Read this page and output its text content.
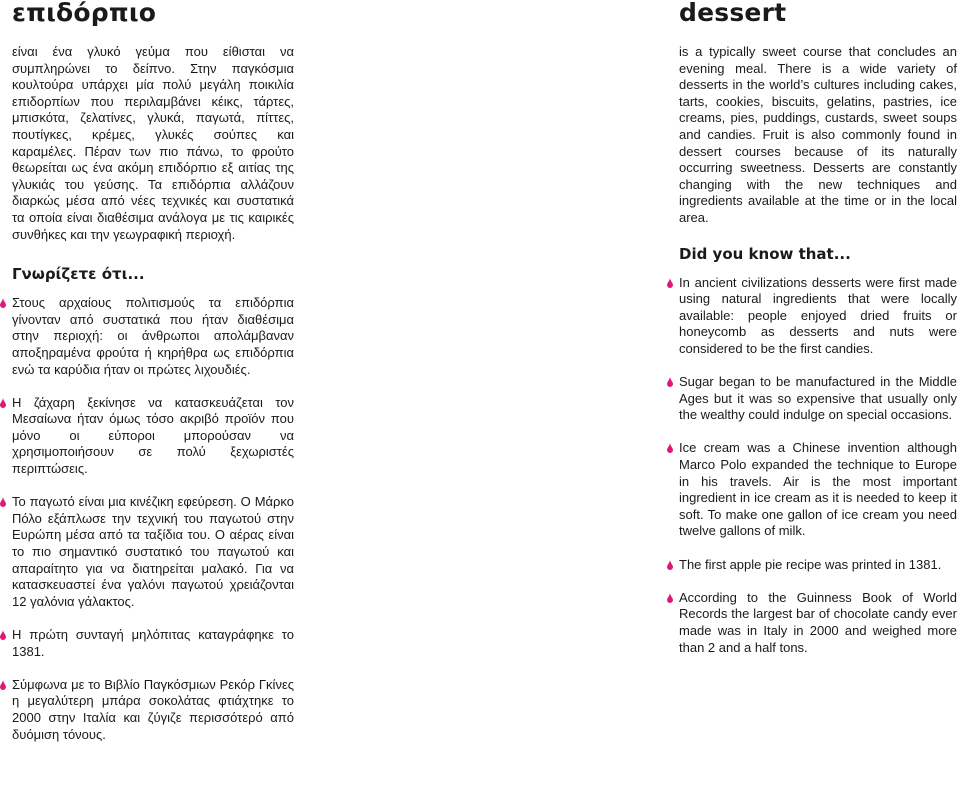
επιδόρπιο

είναι ένα γλυκό γεύμα που είθισται να συμπληρώνει το δείπνο. Στην παγκόσμια κουλτούρα υπάρχει μία πολύ μεγάλη ποικιλία επιδορπίων που περιλαμβάνει κέικς, τάρτες, μπισκότα, ζελατίνες, γλυκά, παγωτά, πίττες, πουτίγκες, κρέμες, γλυκές σούπες και καραμέλες. Πέραν των πιο πάνω, το φρούτο θεωρείται ως ένα ακόμη επιδόρπιο εξ αιτίας της γλυκιάς του γεύσης. Τα επιδόρπια αλλάζουν διαρκώς μέσα από νέες τεχνικές και συστατικά τα οποία είναι διαθέσιμα ανάλογα με τις καιρικές συνθήκες και την γεωγραφική περιοχή.

Γνωρίζετε ότι...
Στους αρχαίους πολιτισμούς τα επιδόρπια γίνονταν από συστατικά που ήταν διαθέσιμα στην περιοχή: οι άνθρωποι απολάμβαναν αποξηραμένα φρούτα ή κηρήθρα ως επιδόρπια ενώ τα καρύδια ήταν οι πρώτες λιχουδιές.
Η ζάχαρη ξεκίνησε να κατασκευάζεται τον Μεσαίωνα ήταν όμως τόσο ακριβό προϊόν που μόνο οι εύποροι μπορούσαν να χρησιμοποιήσουν σε πολύ ξεχωριστές περιπτώσεις.
Το παγωτό είναι μια κινέζικη εφεύρεση. Ο Μάρκο Πόλο εξάπλωσε την τεχνική του παγωτού στην Ευρώπη μέσα από τα ταξίδια του. Ο αέρας είναι το πιο σημαντικό συστατικό του παγωτού και απαραίτητο για να διατηρείται μαλακό. Για να κατασκευαστεί ένα γαλόνι παγωτού χρειάζονται 12 γαλόνια γάλακτος.
Η πρώτη συνταγή μηλόπιτας καταγράφηκε το 1381.
Σύμφωνα με το Βιβλίο Παγκόσμιων Ρεκόρ Γκίνες η μεγαλύτερη μπάρα σοκολάτας φτιάχτηκε το 2000 στην Ιταλία και ζύγιζε περισσότερό από δυόμιση τόνους.
dessert

is a typically sweet course that concludes an evening meal. There is a wide variety of desserts in the world’s cultures including cakes, tarts, cookies, biscuits, gelatins, pastries, ice creams, pies, puddings, custards, sweet soups and candies. Fruit is also commonly found in dessert courses because of its naturally occurring sweetness. Desserts are constantly changing with the new techniques and ingredients available at the time or in the local area.

Did you know that...
In ancient civilizations desserts were first made using natural ingredients that were locally available: people enjoyed dried fruits or honeycomb as desserts and nuts were considered to be the first candies.
Sugar began to be manufactured in the Middle Ages but it was so expensive that usually only the wealthy could indulge on special occasions.
Ice cream was a Chinese invention although Marco Polo expanded the technique to Europe in his travels. Air is the most important ingredient in ice cream as it is needed to keep it soft. To make one gallon of ice cream you need twelve gallons of milk.
The first apple pie recipe was printed in 1381.
According to the Guinness Book of World Records the largest bar of chocolate candy ever made was in Italy in 2000 and weighed more than 2 and a half tons.
